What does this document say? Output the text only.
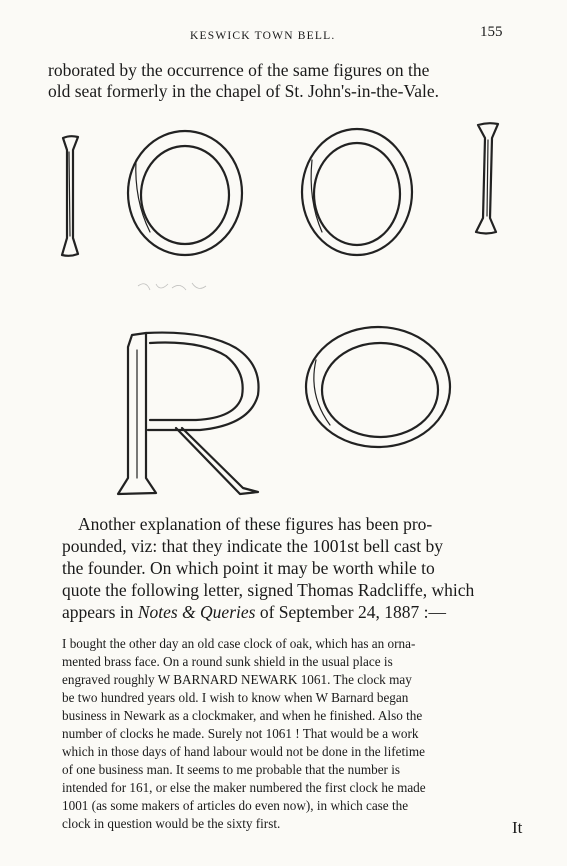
KESWICK TOWN BELL.	155
roborated by the occurrence of the same figures on the
old seat formerly in the chapel of St. John's-in-the-Vale.
Another explanation of these figures has been pro-
pounded, viz: that they indicate the 1001st bell cast by
the founder. On which point it may be worth while to
quote the following letter, signed Thomas Radcliffe, which
appears in Notes & Queries of September 24, 1887 :—
I bought the other day an old case clock of oak, which has an orna-
mented brass face. On a round sunk shield in the usual place is
engraved roughly W BARNARD NEWARK 1061. The clock may
be two hundred years old. I wish to know when W Barnard began
business in Newark as a clockmaker, and when he finished. Also the
number of clocks he made. Surely not 1061 ! That would be a work
which in those days of hand labour would not be done in the lifetime
of one business man. It seems to me probable that the number is
intended for 161, or else the maker numbered the first clock he made
1001 (as some makers of articles do even now), in which case the
clock in question would be the sixty first.	It
